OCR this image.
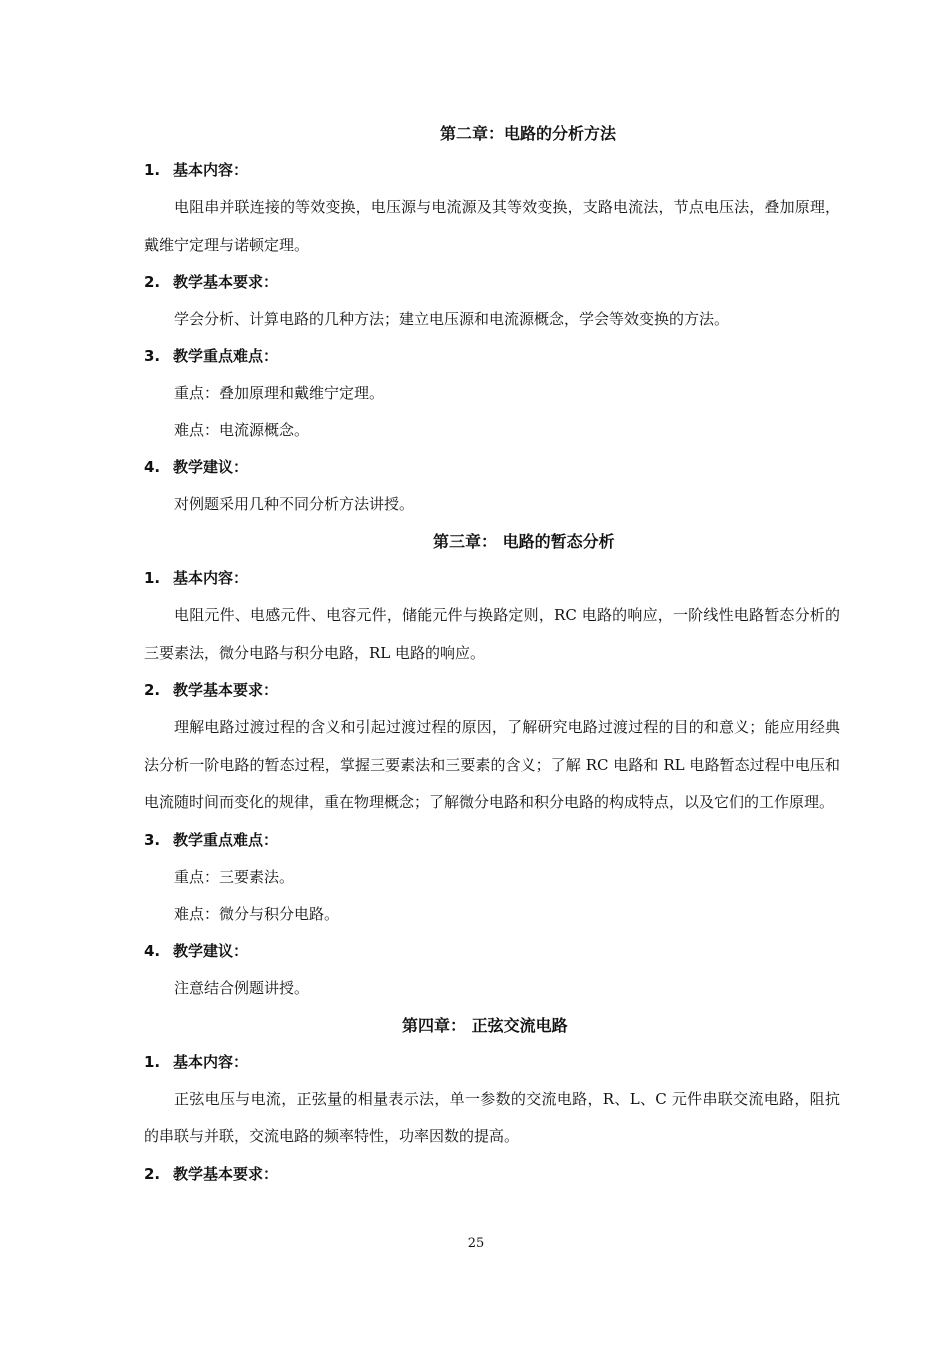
第二章：电路的分析方法
1. 基本内容：

电阻串并联连接的等效变换，电压源与电流源及其等效变换，支路电流法，节点电压法，叠加原理，戴维宁定理与诺顿定理。

2. 教学基本要求：
学会分析、计算电路的几种方法；建立电压源和电流源概念，学会等效变换的方法。
3. 教学重点难点：
重点：叠加原理和戴维宁定理。
难点：电流源概念。
4. 教学建议：
对例题采用几种不同分析方法讲授。
第三章： 电路的暂态分析
1. 基本内容：

电阻元件、电感元件、电容元件，储能元件与换路定则，RC 电路的响应，一阶线性电路暂态分析的三要素法，微分电路与积分电路，RL 电路的响应。

2. 教学基本要求：

理解电路过渡过程的含义和引起过渡过程的原因，了解研究电路过渡过程的目的和意义；能应用经典法分析一阶电路的暂态过程，掌握三要素法和三要素的含义；了解 RC 电路和 RL 电路暂态过程中电压和电流随时间而变化的规律，重在物理概念；了解微分电路和积分电路的构成特点，以及它们的工作原理。

3. 教学重点难点：
重点：三要素法。
难点：微分与积分电路。
4. 教学建议：
注意结合例题讲授。
第四章： 正弦交流电路
1. 基本内容：

正弦电压与电流，正弦量的相量表示法，单一参数的交流电路，R、L、C 元件串联交流电路，阻抗的串联与并联，交流电路的频率特性，功率因数的提高。

2. 教学基本要求：
25
